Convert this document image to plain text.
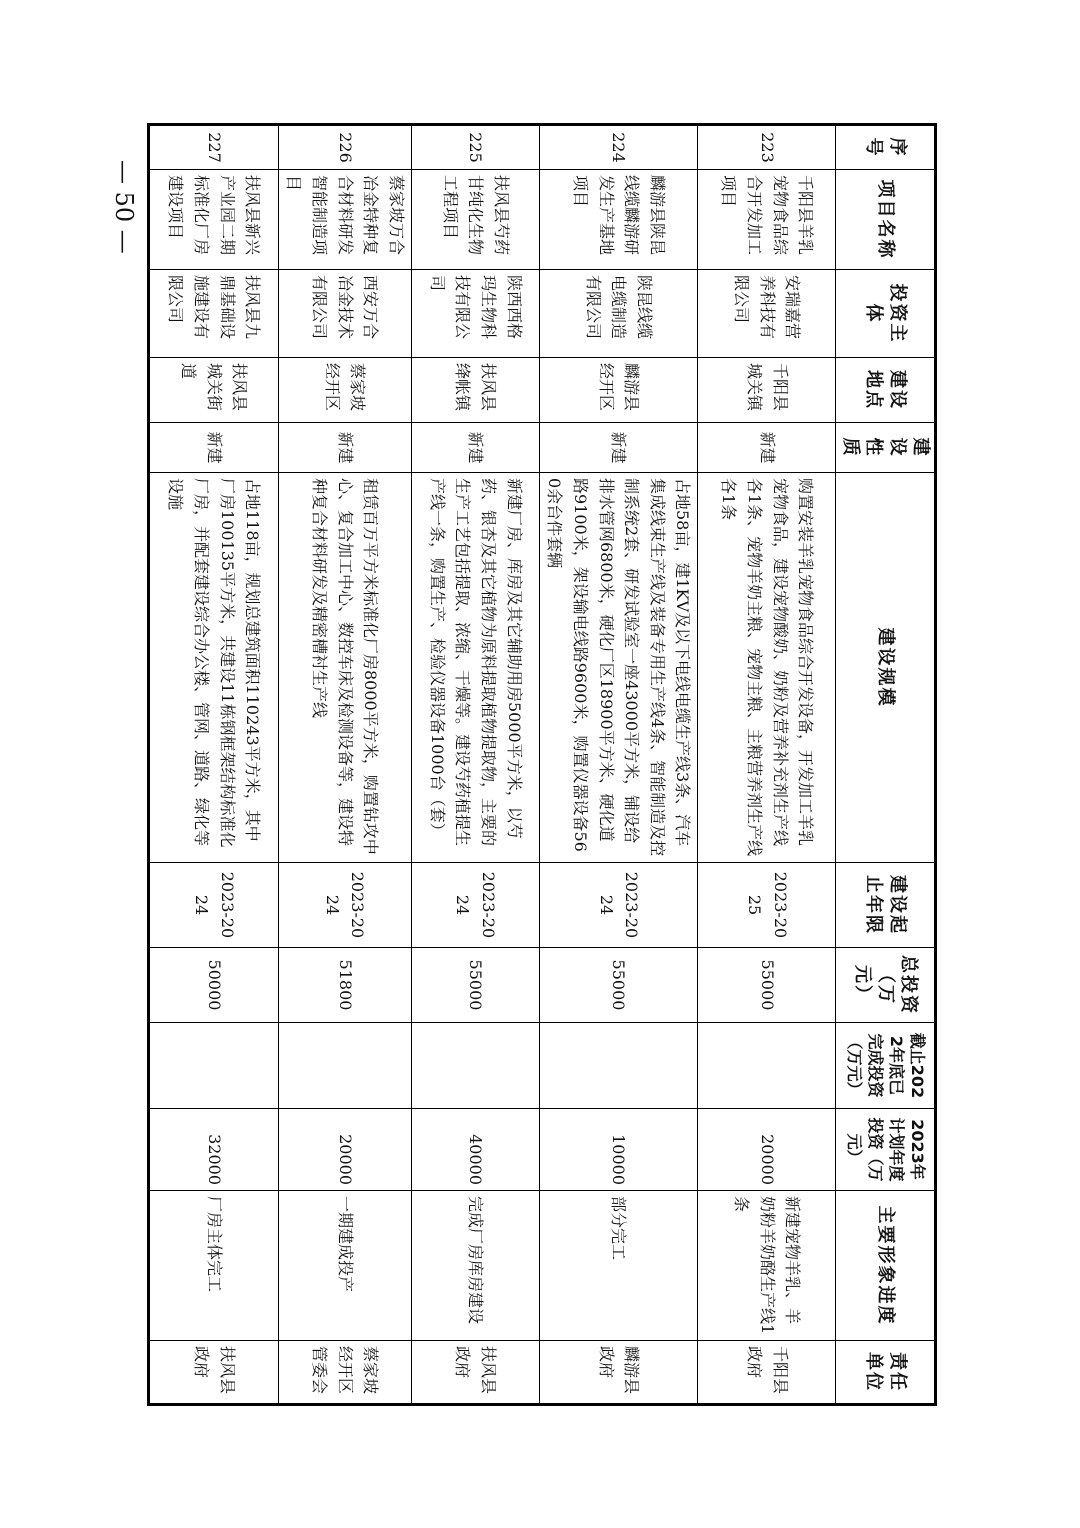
— 50 —
序号	项目名称	投资主体	建设地点	建设性质	建设规模	建设起止年限	总投资（万元）	截止2022年底已完成投资（万元）	2023年计划年度投资（万元）	主要形象进度	责任单位
223	千阳县羊乳宠物食品综合开发加工项目	安瑞嘉营养科技有限公司	千阳县城关镇	新建	购置安装羊乳宠物食品综合开发设备，开发加工羊乳宠物食品，建设宠物酸奶、奶粉及营养补充剂生产线各1条、宠物羊奶主粮、宠物主粮、主粮营养剂生产线各1条	2023-2025	55000		20000	新建宠物羊乳、羊奶粉羊奶酪生产线1条	千阳县政府
224	麟游县陕昆线缆麟游研发生产基地项目	陕昆线缆电缆制造有限公司	麟游县经开区	新建	占地58亩，建1KV及以下电线电缆生产线3条、汽车集成线束生产线及装备专用生产线4条、智能制造及控制系统2套、研发试验室一座43000平方米，铺设给排水管网6800米，硬化厂区18900平方米、硬化道路9100米，架设输电线路9600米，购置仪器设备560余台件套辆	2023-2024	55000		10000	部分完工	麟游县政府
225	扶风县芍药甘纯化生物工程项目	陕西西格玛生物科技有限公司	扶风县绛帐镇	新建	新建厂房、库房及其它辅助用房5000平方米，以芍药、银杏及其它植物为原料提取植物提取物，主要的生产工艺包括提取、浓缩、干燥等。建设芍药植提生产线一条，购置生产、检验仪器设备1000台（套）	2023-2024	55000		40000	完成厂房库房建设	扶风县政府
226	蔡家坡万合冶金特种复合材料研发智能制造项目	西安万合冶金技术有限公司	蔡家坡经开区	新建	租赁百万平方米标准化厂房8000平方米，购置钻攻中心、复合加工中心、数控车床及检测设备等，建设特种复合材料研发及精密槽衬生产线	2023-2024	51800		20000	一期建成投产	蔡家坡经开区管委会
227	扶风县新兴产业园二期标准化厂房建设项目	扶风县九鼎基础设施建设有限公司	扶风县城关街道	新建	占地118亩，规划总建筑面积110243平方米，其中厂房100135平方米，共建设11栋钢框架结构标准化厂房，并配套建设综合办公楼、管网、道路、绿化等设施	2023-2024	50000		32000	厂房主体完工	扶风县政府
